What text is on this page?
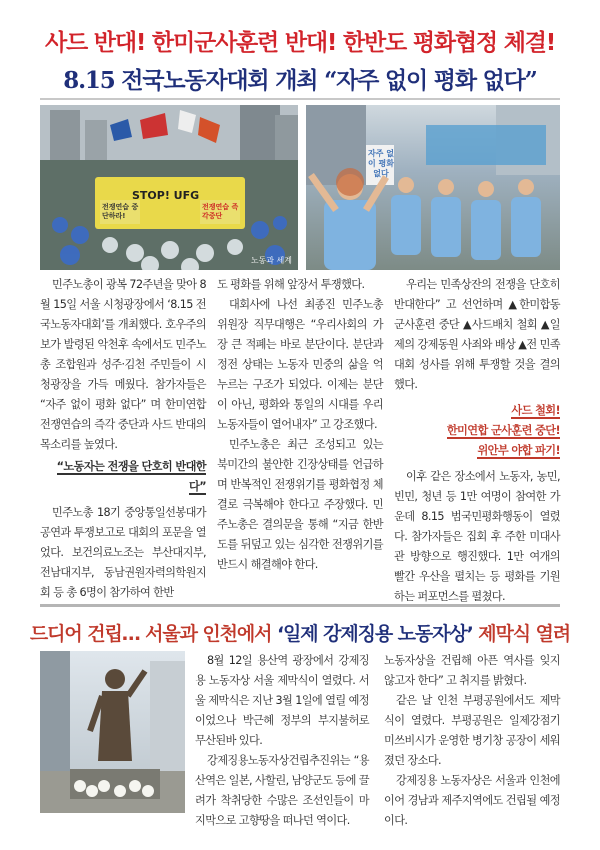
사드 반대! 한미군사훈련 반대! 한반도 평화협정 체결!
8.15 전국노동자대회 개최 “자주 없이 평화 없다”
STOP! UFG
전쟁연습 중단하라!
전쟁연습 즉각중단
노동과 세계
자주 없이 평화 없다

민주노총이 광복 72주년을 맞아 8월 15일 서울 시청광장에서 ‘8.15 전국노동자대회’를 개최했다. 호우주의보가 발령된 악천후 속에서도 민주노총 조합원과 성주·김천 주민들이 시청광장을 가득 메웠다. 참가자들은 “자주 없이 평화 없다” 며 한미연합 전쟁연습의 즉각 중단과 사드 반대의 목소리를 높였다.

“노동자는 전쟁을 단호히 반대한다”

민주노총 18기 중앙통일선봉대가 공연과 투쟁보고로 대회의 포문을 열었다. 보건의료노조는 부산대지부, 전남대지부, 동남권원자력의학원지회 등 총 6명이 참가하여 한반

도 평화를 위해 앞장서 투쟁했다.

대회사에 나선 최종진 민주노총 위원장 직무대행은 “우리사회의 가장 큰 적폐는 바로 분단이다. 분단과 정전 상태는 노동자 민중의 삶을 억누르는 구조가 되었다. 이제는 분단이 아닌, 평화와 통일의 시대를 우리 노동자들이 열어내자” 고 강조했다.

민주노총은 최근 조성되고 있는 북미간의 불안한 긴장상태를 언급하며 반복적인 전쟁위기를 평화협정 체결로 극복해야 한다고 주장했다. 민주노총은 결의문을 통해 “지금 한반도를 뒤덮고 있는 심각한 전쟁위기를 반드시 해결해야 한다.

우리는 민족상잔의 전쟁을 단호히 반대한다” 고 선언하며 ▲한미합동 군사훈련 중단 ▲사드배치 철회 ▲일제의 강제동원 사죄와 배상 ▲전 민족대회 성사를 위해 투쟁할 것을 결의했다.

사드 철회!
한미연합 군사훈련 중단!
위안부 야합 파기!

이후 같은 장소에서 노동자, 농민, 빈민, 청년 등 1만 여명이 참여한 가운데 8.15 범국민평화행동이 열렸다. 참가자들은 집회 후 주한 미대사관 방향으로 행진했다. 1만 여개의 빨간 우산을 펼치는 등 평화를 기원하는 퍼포먼스를 펼쳤다.

드디어 건립… 서울과 인천에서 ‘일제 강제징용 노동자상’ 제막식 열려

8월 12일 용산역 광장에서 강제징용 노동자상 서울 제막식이 열렸다. 서울 제막식은 지난 3월 1일에 열릴 예정이었으나 박근혜 정부의 부지불허로 무산된바 있다.

강제징용노동자상건립추진위는 “용산역은 일본, 사할린, 남양군도 등에 끌려가 착취당한 수많은 조선인들이 마지막으로 고향땅을 떠나던 역이다.

노동자상을 건립해 아픈 역사를 잊지 않고자 한다” 고 취지를 밝혔다.

같은 날 인천 부평공원에서도 제막식이 열렸다. 부평공원은 일제강점기 미쓰비시가 운영한 병기창 공장이 세워졌던 장소다.

강제징용 노동자상은 서울과 인천에 이어 경남과 제주지역에도 건립될 예정이다.
